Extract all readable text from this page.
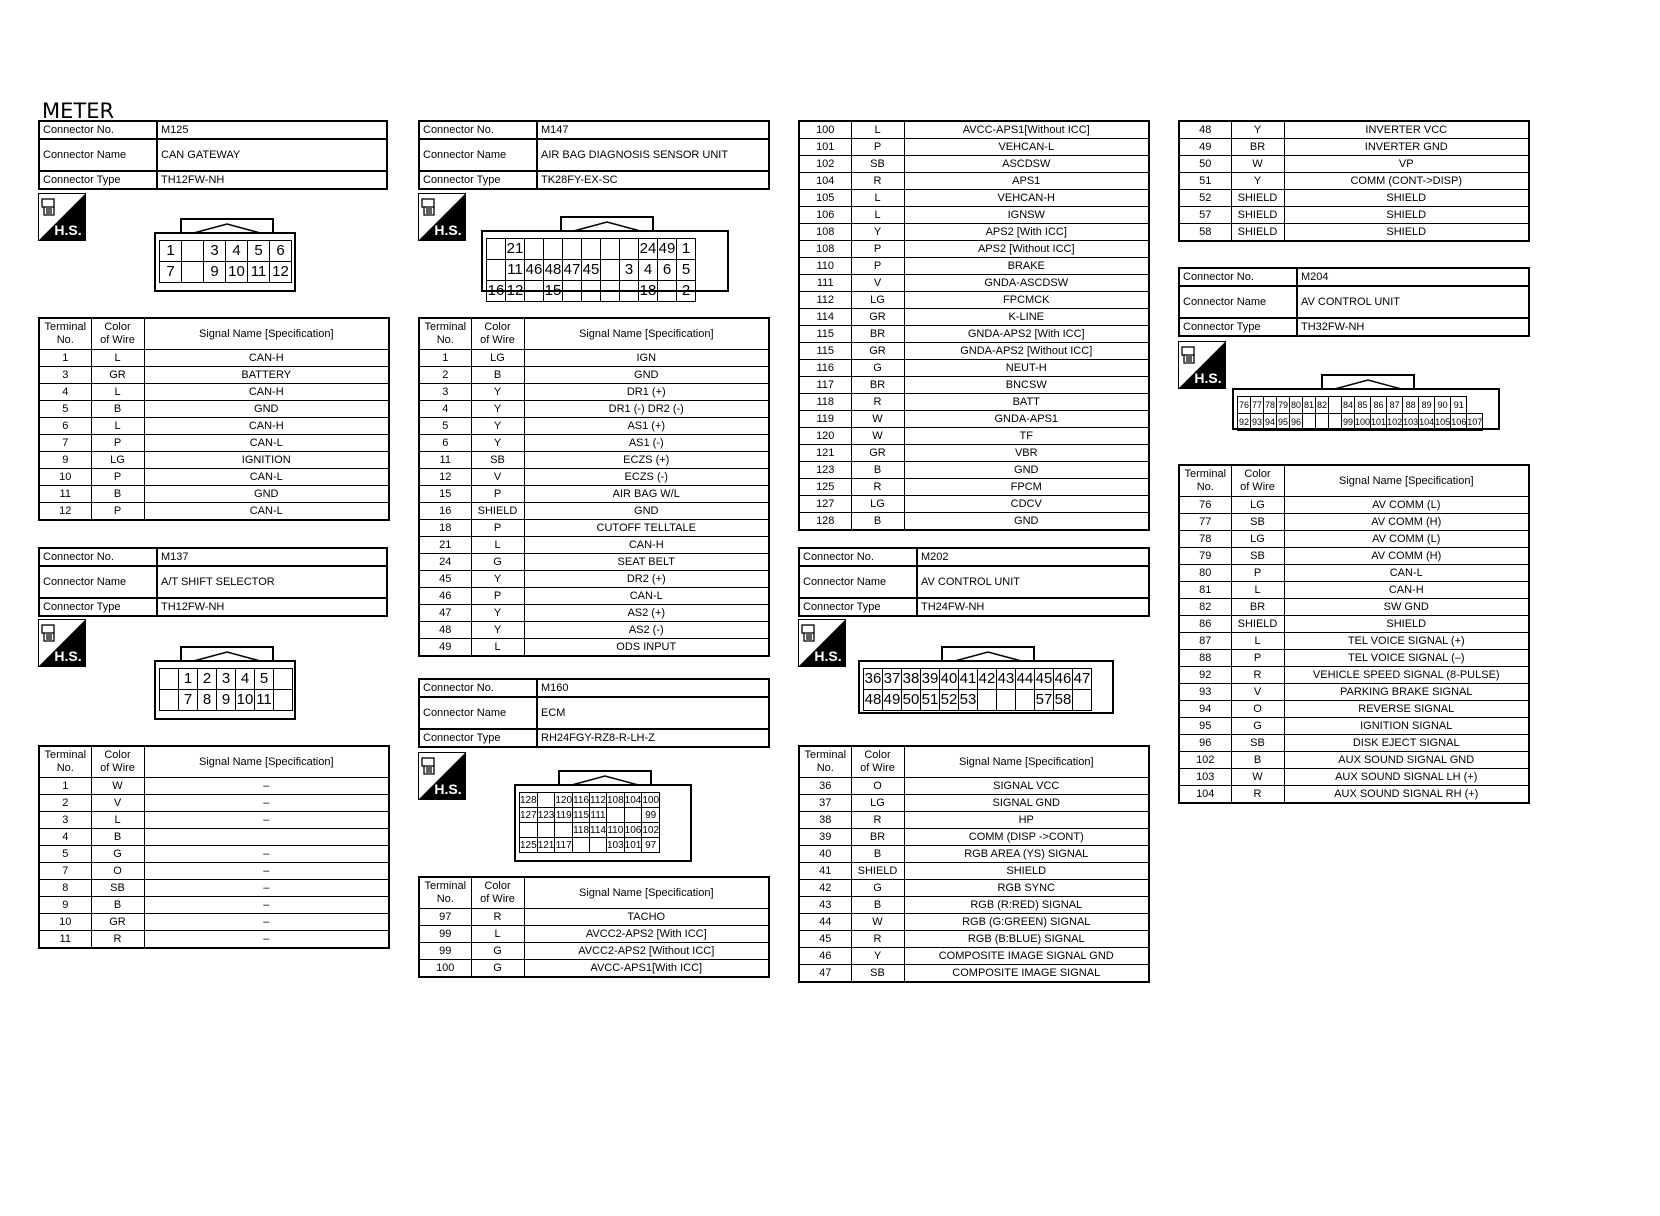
METER
Connector No.	M125
Connector Name	CAN GATEWAY
Connector Type	TH12FW-NH
H.S.
1		3	4	5	6
7		9	10	11	12
Terminal
No.	Color
of Wire	Signal Name [Specification]
1	L	CAN-H
3	GR	BATTERY
4	L	CAN-H
5	B	GND
6	L	CAN-H
7	P	CAN-L
9	LG	IGNITION
10	P	CAN-L
11	B	GND
12	P	CAN-L
Connector No.	M137
Connector Name	A/T SHIFT SELECTOR
Connector Type	TH12FW-NH
H.S.
	1	2	3	4	5	
	7	8	9	10	11	
Terminal
No.	Color
of Wire	Signal Name [Specification]
1	W	–
2	V	–
3	L	–
4	B	
5	G	–
7	O	–
8	SB	–
9	B	–
10	GR	–
11	R	–
Connector No.	M147
Connector Name	AIR BAG DIAGNOSIS SENSOR UNIT
Connector Type	TK28FY-EX-SC
H.S.
	21							24	49	1
	11	46	48	47	45		3	4	6	5
16	12		15					18		2
Terminal
No.	Color
of Wire	Signal Name [Specification]
1	LG	IGN
2	B	GND
3	Y	DR1 (+)
4	Y	DR1 (-) DR2 (-)
5	Y	AS1 (+)
6	Y	AS1 (-)
11	SB	ECZS (+)
12	V	ECZS (-)
15	P	AIR BAG W/L
16	SHIELD	GND
18	P	CUTOFF TELLTALE
21	L	CAN-H
24	G	SEAT BELT
45	Y	DR2 (+)
46	P	CAN-L
47	Y	AS2 (+)
48	Y	AS2 (-)
49	L	ODS INPUT
Connector No.	M160
Connector Name	ECM
Connector Type	RH24FGY-RZ8-R-LH-Z
H.S.
128		120	116	112	108	104	100
127	123	119	115	111			99
			118	114	110	106	102
125	121	117			103	101	97
Terminal
No.	Color
of Wire	Signal Name [Specification]
97	R	TACHO
99	L	AVCC2-APS2 [With ICC]
99	G	AVCC2-APS2 [Without ICC]
100	G	AVCC-APS1[With ICC]
100	L	AVCC-APS1[Without ICC]
101	P	VEHCAN-L
102	SB	ASCDSW
104	R	APS1
105	L	VEHCAN-H
106	L	IGNSW
108	Y	APS2 [With ICC]
108	P	APS2 [Without ICC]
110	P	BRAKE
111	V	GNDA-ASCDSW
112	LG	FPCMCK
114	GR	K-LINE
115	BR	GNDA-APS2 [With ICC]
115	GR	GNDA-APS2 [Without ICC]
116	G	NEUT-H
117	BR	BNCSW
118	R	BATT
119	W	GNDA-APS1
120	W	TF
121	GR	VBR
123	B	GND
125	R	FPCM
127	LG	CDCV
128	B	GND
Connector No.	M202
Connector Name	AV CONTROL UNIT
Connector Type	TH24FW-NH
H.S.
36	37	38	39	40	41	42	43	44	45	46	47
48	49	50	51	52	53				57	58	
Terminal
No.	Color
of Wire	Signal Name [Specification]
36	O	SIGNAL VCC
37	LG	SIGNAL GND
38	R	HP
39	BR	COMM (DISP ->CONT)
40	B	RGB AREA (YS) SIGNAL
41	SHIELD	SHIELD
42	G	RGB SYNC
43	B	RGB (R:RED) SIGNAL
44	W	RGB (G:GREEN) SIGNAL
45	R	RGB (B:BLUE) SIGNAL
46	Y	COMPOSITE IMAGE SIGNAL GND
47	SB	COMPOSITE IMAGE SIGNAL
48	Y	INVERTER VCC
49	BR	INVERTER GND
50	W	VP
51	Y	COMM (CONT->DISP)
52	SHIELD	SHIELD
57	SHIELD	SHIELD
58	SHIELD	SHIELD
Connector No.	M204
Connector Name	AV CONTROL UNIT
Connector Type	TH32FW-NH
H.S.
76	77	78	79	80	81	82		84	85	86	87	88	89	90	91	
92	93	94	95	96				99	100	101	102	103	104	105	106	107
Terminal
No.	Color
of Wire	Signal Name [Specification]
76	LG	AV COMM (L)
77	SB	AV COMM (H)
78	LG	AV COMM (L)
79	SB	AV COMM (H)
80	P	CAN-L
81	L	CAN-H
82	BR	SW GND
86	SHIELD	SHIELD
87	L	TEL VOICE SIGNAL (+)
88	P	TEL VOICE SIGNAL (–)
92	R	VEHICLE SPEED SIGNAL (8-PULSE)
93	V	PARKING BRAKE SIGNAL
94	O	REVERSE SIGNAL
95	G	IGNITION SIGNAL
96	SB	DISK EJECT SIGNAL
102	B	AUX SOUND SIGNAL GND
103	W	AUX SOUND SIGNAL LH (+)
104	R	AUX SOUND SIGNAL RH (+)
